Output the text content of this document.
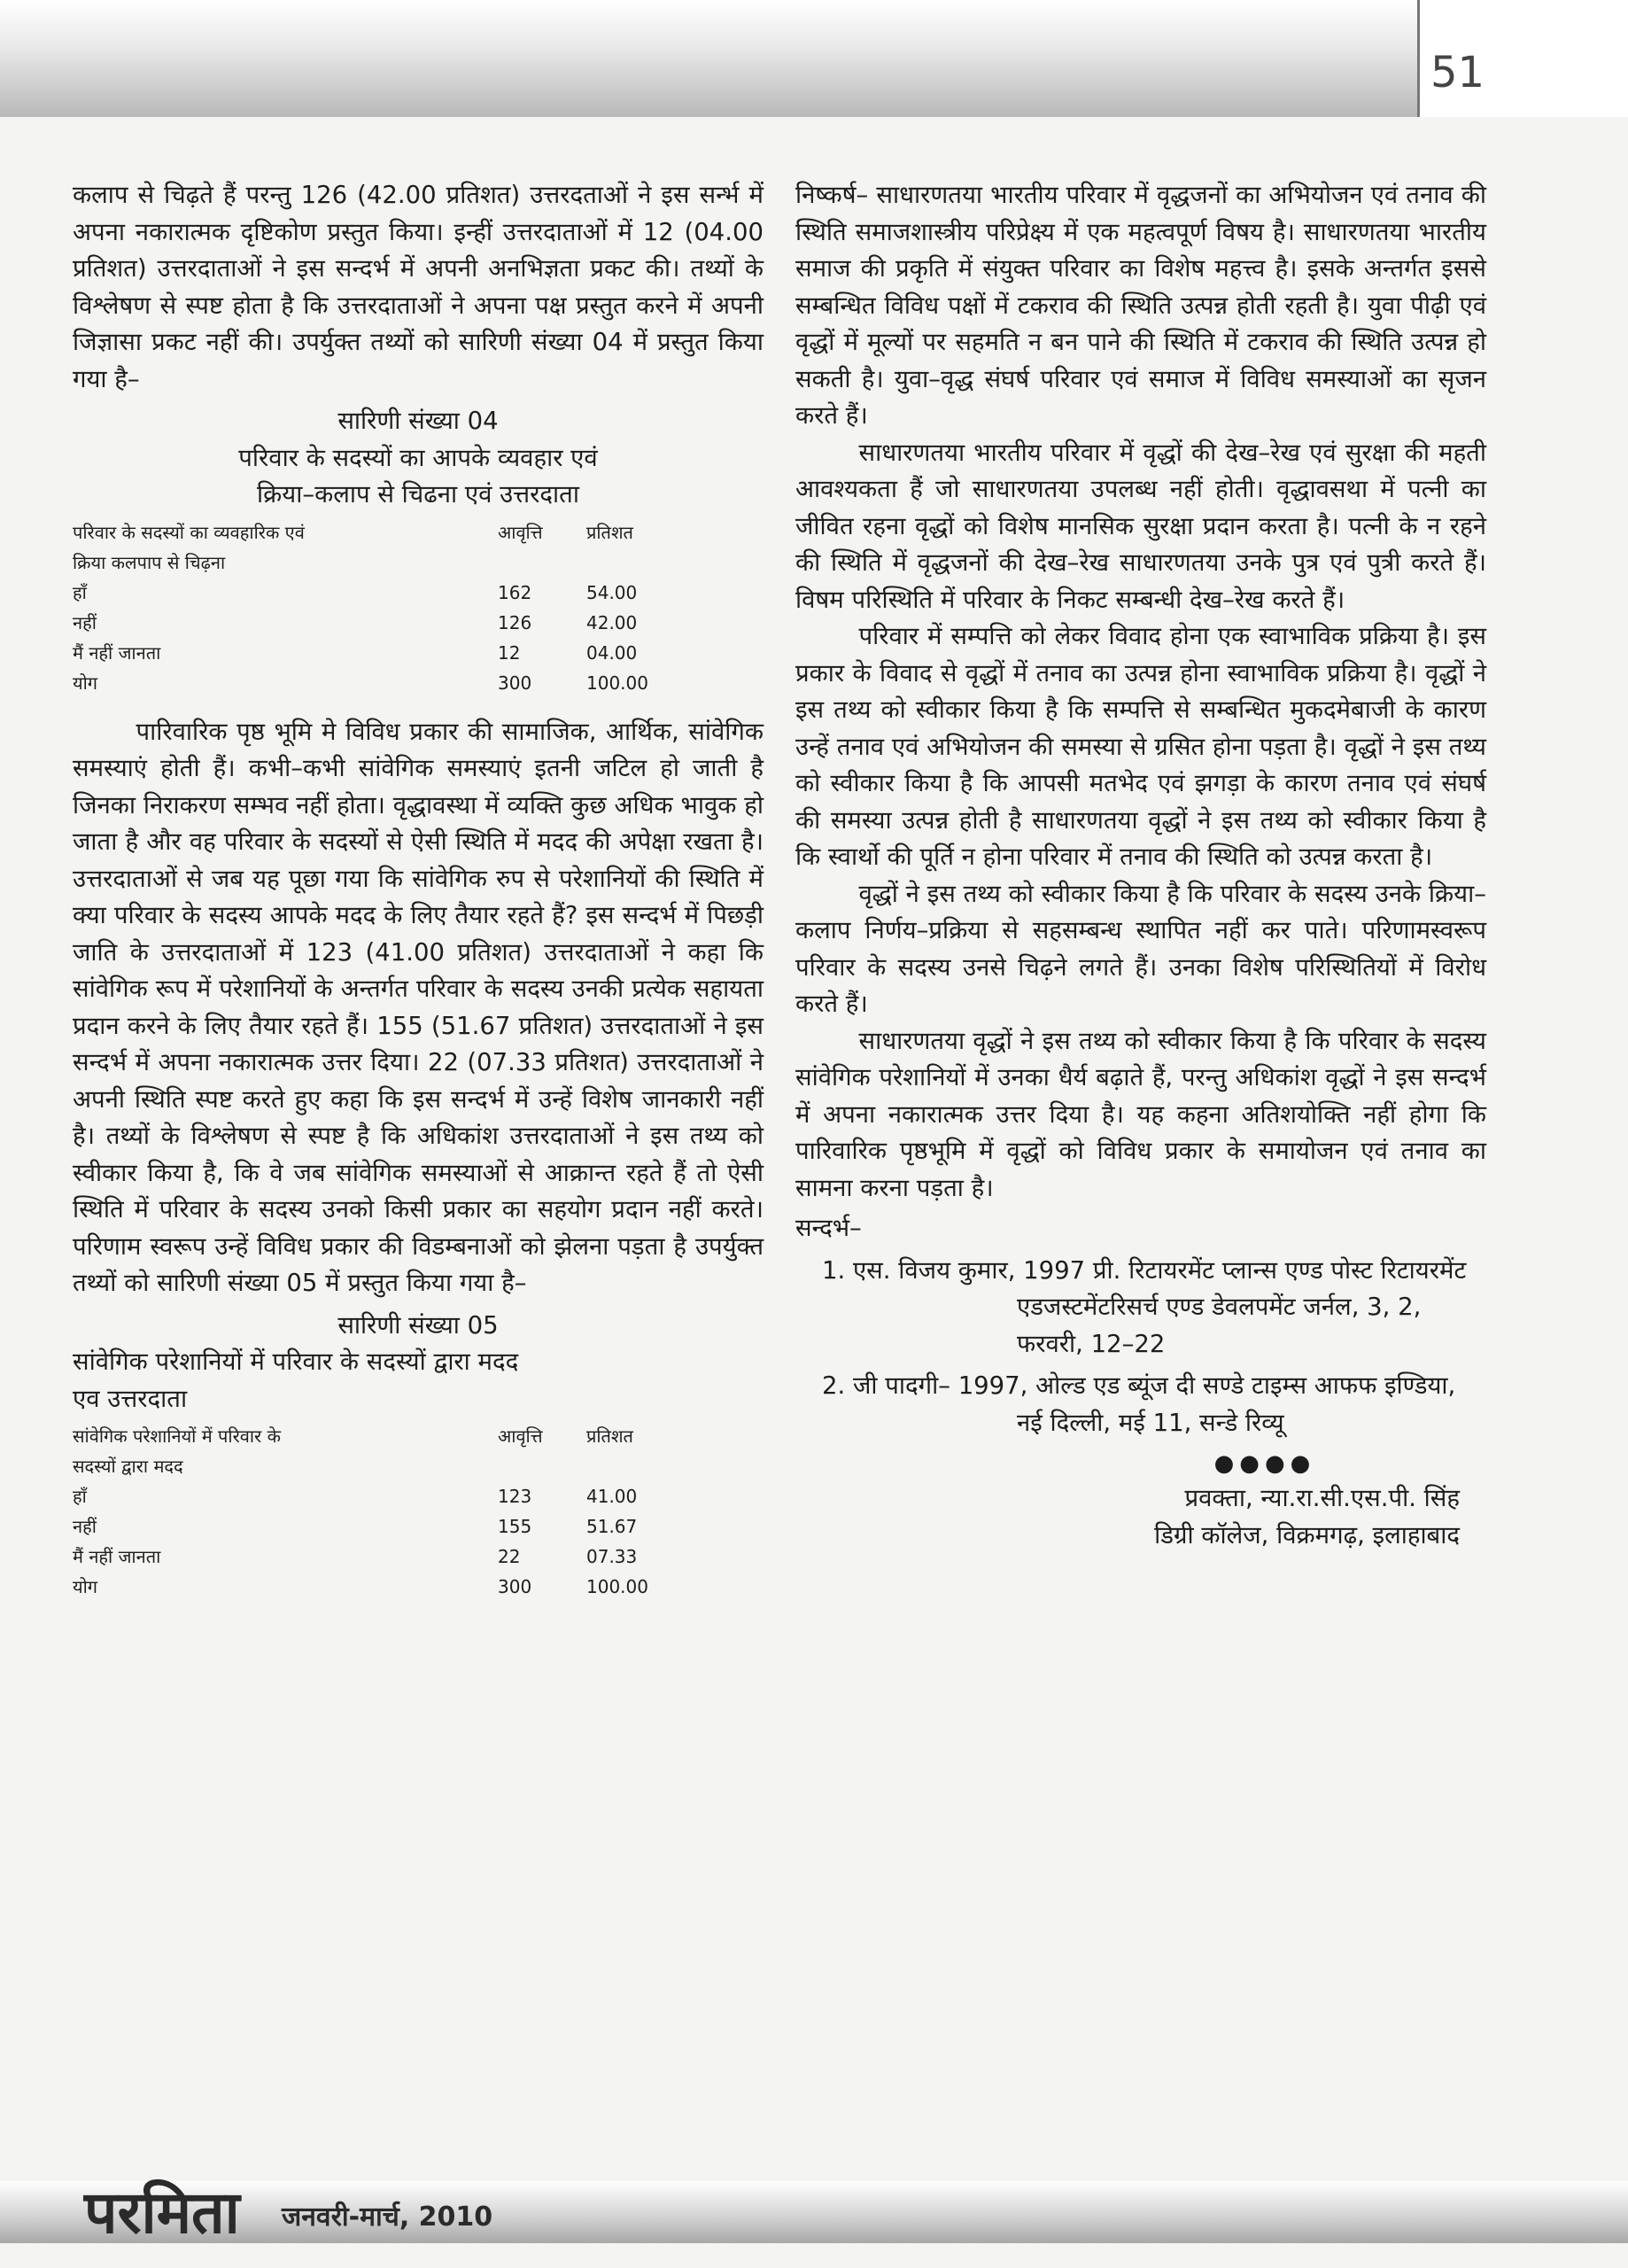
51

कलाप से चिढ़ते हैं परन्तु 126 (42.00 प्रतिशत) उत्तरदताओं ने इस सर्न्भ में अपना नकारात्मक दृष्टिकोण प्रस्तुत किया। इन्हीं उत्तरदाताओं में 12 (04.00 प्रतिशत) उत्तरदाताओं ने इस सन्दर्भ में अपनी अनभिज्ञता प्रकट की। तथ्यों के विश्लेषण से स्पष्ट होता है कि उत्तरदाताओं ने अपना पक्ष प्रस्तुत करने में अपनी जिज्ञासा प्रकट नहीं की। उपर्युक्त तथ्यों को सारिणी संख्या 04 में प्रस्तुत किया गया है–

सारिणी संख्या 04

परिवार के सदस्यों का आपके व्यवहार एवं

क्रिया–कलाप से चिढना एवं उत्तरदाता

परिवार के सदस्यों का व्यवहारिक एवं
क्रिया कलपाप से चिढ़ना	आवृत्ति	प्रतिशत
हाँ	162	54.00
नहीं	126	42.00
मैं नहीं जानता	12	04.00
योग	300	100.00

पारिवारिक पृष्ठ भूमि मे विविध प्रकार की सामाजिक, आर्थिक, सांवेगिक समस्याएं होती हैं। कभी–कभी सांवेगिक समस्याएं इतनी जटिल हो जाती है जिनका निराकरण सम्भव नहीं होता। वृद्धावस्था में व्यक्ति कुछ अधिक भावुक हो जाता है और वह परिवार के सदस्यों से ऐसी स्थिति में मदद की अपेक्षा रखता है। उत्तरदाताओं से जब यह पूछा गया कि सांवेगिक रुप से परेशानियों की स्थिति में क्या परिवार के सदस्य आपके मदद के लिए तैयार रहते हैं? इस सन्दर्भ में पिछड़ी जाति के उत्तरदाताओं में 123 (41.00 प्रतिशत) उत्तरदाताओं ने कहा कि सांवेगिक रूप में परेशानियों के अन्तर्गत परिवार के सदस्य उनकी प्रत्येक सहायता प्रदान करने के लिए तैयार रहते हैं। 155 (51.67 प्रतिशत) उत्तरदाताओं ने इस सन्दर्भ में अपना नकारात्मक उत्तर दिया। 22 (07.33 प्रतिशत) उत्तरदाताओं ने अपनी स्थिति स्पष्ट करते हुए कहा कि इस सन्दर्भ में उन्हें विशेष जानकारी नहीं है। तथ्यों के विश्लेषण से स्पष्ट है कि अधिकांश उत्तरदाताओं ने इस तथ्य को स्वीकार किया है, कि वे जब सांवेगिक समस्याओं से आक्रान्त रहते हैं तो ऐसी स्थिति में परिवार के सदस्य उनको किसी प्रकार का सहयोग प्रदान नहीं करते। परिणाम स्वरूप उन्हें विविध प्रकार की विडम्बनाओं को झेलना पड़ता है उपर्युक्त तथ्यों को सारिणी संख्या 05 में प्रस्तुत किया गया है–

सारिणी संख्या 05

सांवेगिक परेशानियों में परिवार के सदस्यों द्वारा मदद

एव उत्तरदाता

सांवेगिक परेशानियों में परिवार के
सदस्यों द्वारा मदद	आवृत्ति	प्रतिशत
हाँ	123	41.00
नहीं	155	51.67
मैं नहीं जानता	22	07.33
योग	300	100.00

निष्कर्ष– साधारणतया भारतीय परिवार में वृद्धजनों का अभियोजन एवं तनाव की स्थिति समाजशास्त्रीय परिप्रेक्ष्य में एक महत्वपूर्ण विषय है। साधारणतया भारतीय समाज की प्रकृति में संयुक्त परिवार का विशेष महत्त्व है। इसके अन्तर्गत इससे सम्बन्धित विविध पक्षों में टकराव की स्थिति उत्पन्न होती रहती है। युवा पीढ़ी एवं वृद्धों में मूल्यों पर सहमति न बन पाने की स्थिति में टकराव की स्थिति उत्पन्न हो सकती है। युवा–वृद्ध संघर्ष परिवार एवं समाज में विविध समस्याओं का सृजन करते हैं।

साधारणतया भारतीय परिवार में वृद्धों की देख–रेख एवं सुरक्षा की महती आवश्यकता हैं जो साधारणतया उपलब्ध नहीं होती। वृद्धावसथा में पत्नी का जीवित रहना वृद्धों को विशेष मानसिक सुरक्षा प्रदान करता है। पत्नी के न रहने की स्थिति में वृद्धजनों की देख–रेख साधारणतया उनके पुत्र एवं पुत्री करते हैं। विषम परिस्थिति में परिवार के निकट सम्बन्धी देख–रेख करते हैं।

परिवार में सम्पत्ति को लेकर विवाद होना एक स्वाभाविक प्रक्रिया है। इस प्रकार के विवाद से वृद्धों में तनाव का उत्पन्न होना स्वाभाविक प्रक्रिया है। वृद्धों ने इस तथ्य को स्वीकार किया है कि सम्पत्ति से सम्बन्धित मुकदमेबाजी के कारण उन्हें तनाव एवं अभियोजन की समस्या से ग्रसित होना पड़ता है। वृद्धों ने इस तथ्य को स्वीकार किया है कि आपसी मतभेद एवं झगड़ा के कारण तनाव एवं संघर्ष की समस्या उत्पन्न होती है साधारणतया वृद्धों ने इस तथ्य को स्वीकार किया है कि स्वार्थो की पूर्ति न होना परिवार में तनाव की स्थिति को उत्पन्न करता है।

वृद्धों ने इस तथ्य को स्वीकार किया है कि परिवार के सदस्य उनके क्रिया–कलाप निर्णय–प्रक्रिया से सहसम्बन्ध स्थापित नहीं कर पाते। परिणामस्वरूप परिवार के सदस्य उनसे चिढ़ने लगते हैं। उनका विशेष परिस्थितियों में विरोध करते हैं।

साधारणतया वृद्धों ने इस तथ्य को स्वीकार किया है कि परिवार के सदस्य सांवेगिक परेशानियों में उनका धैर्य बढ़ाते हैं, परन्तु अधिकांश वृद्धों ने इस सन्दर्भ में अपना नकारात्मक उत्तर दिया है। यह कहना अतिशयोक्ति नहीं होगा कि पारिवारिक पृष्ठभूमि में वृद्धों को विविध प्रकार के समायोजन एवं तनाव का सामना करना पड़ता है।

सन्दर्भ–

1. एस. विजय कुमार, 1997 प्री. रिटायरमेंट प्लान्स एण्ड पोस्ट रिटायरमेंट एडजस्टमेंटरिसर्च एण्ड डेवलपमेंट जर्नल, 3, 2, फरवरी, 12–22

2. जी पादगी– 1997, ओल्ड एड ब्यूंज दी सण्डे टाइम्स आफफ इण्डिया, नई दिल्ली, मई 11, सन्डे रिव्यू

●●●●

प्रवक्ता, न्या.रा.सी.एस.पी. सिंह

डिग्री कॉलेज, विक्रमगढ़, इलाहाबाद

परमिता जनवरी-मार्च, 2010
